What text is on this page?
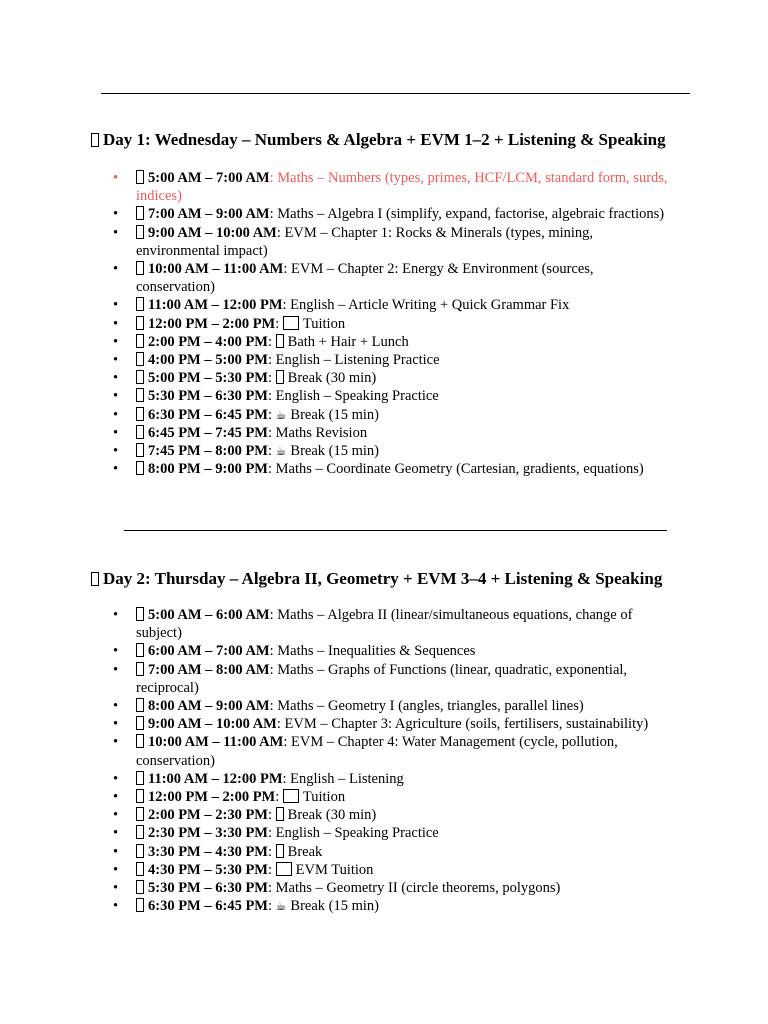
Day 1: Wednesday – Numbers & Algebra + EVM 1–2 + Listening & Speaking
• 5:00 AM – 7:00 AM: Maths – Numbers (types, primes, HCF/LCM, standard form, surds, indices)
• 7:00 AM – 9:00 AM: Maths – Algebra I (simplify, expand, factorise, algebraic fractions)
• 9:00 AM – 10:00 AM: EVM – Chapter 1: Rocks & Minerals (types, mining, environmental impact)
• 10:00 AM – 11:00 AM: EVM – Chapter 2: Energy & Environment (sources, conservation)
• 11:00 AM – 12:00 PM: English – Article Writing + Quick Grammar Fix
• 12:00 PM – 2:00 PM: Tuition
• 2:00 PM – 4:00 PM: Bath + Hair + Lunch
• 4:00 PM – 5:00 PM: English – Listening Practice
• 5:00 PM – 5:30 PM: Break (30 min)
• 5:30 PM – 6:30 PM: English – Speaking Practice
• 6:30 PM – 6:45 PM: ☕ Break (15 min)
• 6:45 PM – 7:45 PM: Maths Revision
• 7:45 PM – 8:00 PM: ☕ Break (15 min)
• 8:00 PM – 9:00 PM: Maths – Coordinate Geometry (Cartesian, gradients, equations)
Day 2: Thursday – Algebra II, Geometry + EVM 3–4 + Listening & Speaking
• 5:00 AM – 6:00 AM: Maths – Algebra II (linear/simultaneous equations, change of subject)
• 6:00 AM – 7:00 AM: Maths – Inequalities & Sequences
• 7:00 AM – 8:00 AM: Maths – Graphs of Functions (linear, quadratic, exponential, reciprocal)
• 8:00 AM – 9:00 AM: Maths – Geometry I (angles, triangles, parallel lines)
• 9:00 AM – 10:00 AM: EVM – Chapter 3: Agriculture (soils, fertilisers, sustainability)
• 10:00 AM – 11:00 AM: EVM – Chapter 4: Water Management (cycle, pollution, conservation)
• 11:00 AM – 12:00 PM: English – Listening
• 12:00 PM – 2:00 PM: Tuition
• 2:00 PM – 2:30 PM: Break (30 min)
• 2:30 PM – 3:30 PM: English – Speaking Practice
• 3:30 PM – 4:30 PM: Break
• 4:30 PM – 5:30 PM: EVM Tuition
• 5:30 PM – 6:30 PM: Maths – Geometry II (circle theorems, polygons)
• 6:30 PM – 6:45 PM: ☕ Break (15 min)
